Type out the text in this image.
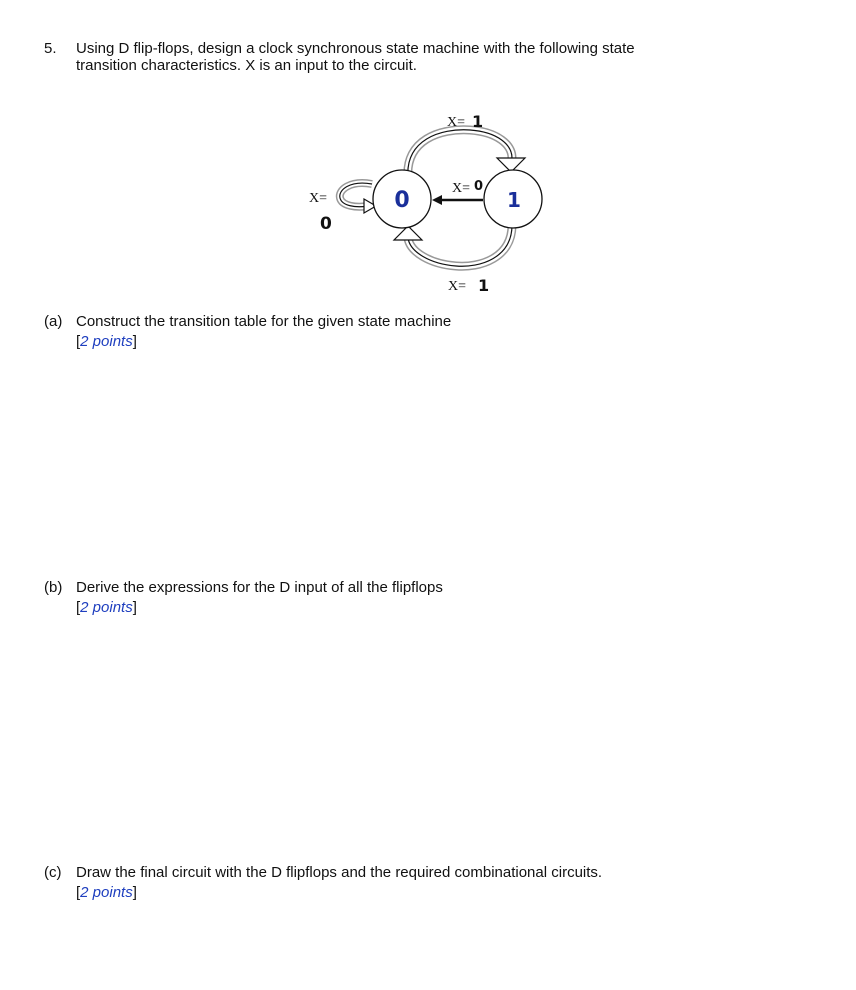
5. Using D flip-flops, design a clock synchronous state machine with the following state
transition characteristics. X is an input to the circuit.
0	1
X= 1
X= 0
X= 1
X=
0
(a) Construct the transition table for the given state machine
[2 points]
(b) Derive the expressions for the D input of all the flipflops
[2 points]
(c) Draw the final circuit with the D flipflops and the required combinational circuits.
[2 points]
